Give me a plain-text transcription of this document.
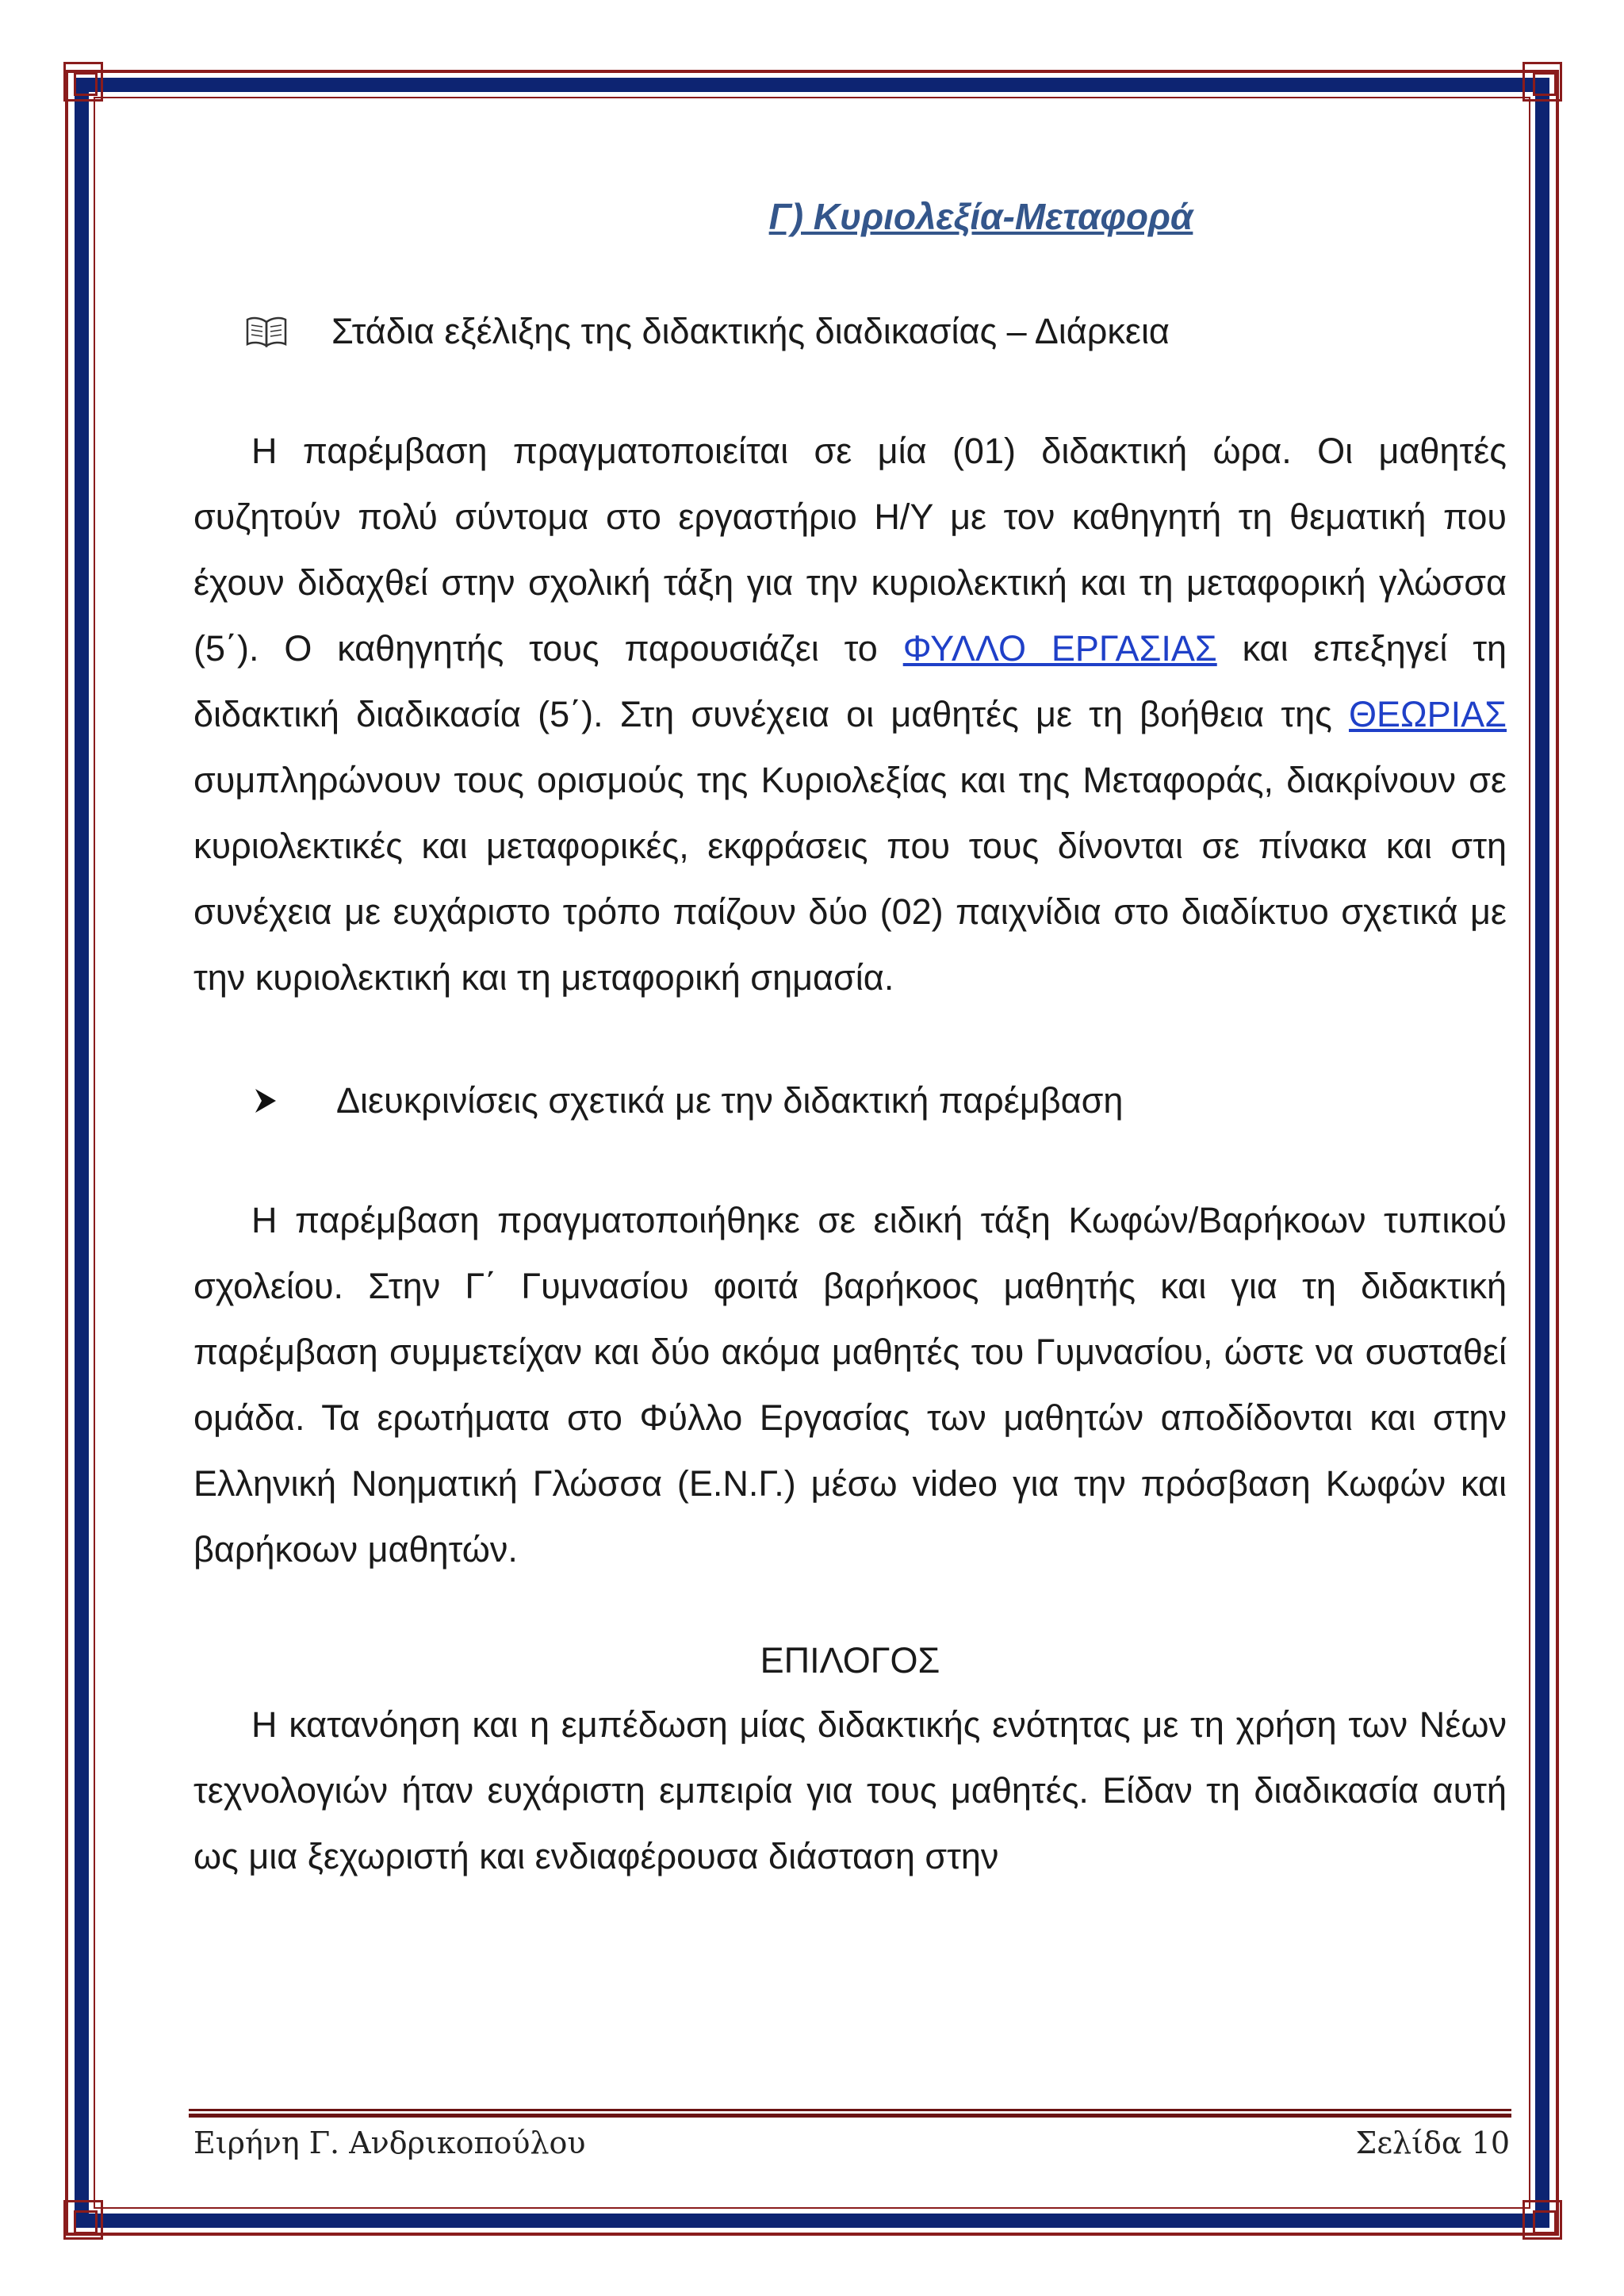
Γ) Κυριολεξία-Μεταφορά
Στάδια εξέλιξης της διδακτικής διαδικασίας – Διάρκεια

Η παρέμβαση πραγματοποιείται σε μία (01) διδακτική ώρα. Οι μαθητές συζητούν πολύ σύντομα στο εργαστήριο Η/Υ με τον καθηγητή τη θεματική που έχουν διδαχθεί στην σχολική τάξη για την κυριολεκτική και τη μεταφορική γλώσσα (5΄). Ο καθηγητής τους παρουσιάζει το ΦΥΛΛΟ ΕΡΓΑΣΙΑΣ και επεξηγεί τη διδακτική διαδικασία (5΄). Στη συνέχεια οι μαθητές με τη βοήθεια της ΘΕΩΡΙΑΣ συμπληρώνουν τους ορισμούς της Κυριολεξίας και της Μεταφοράς, διακρίνουν σε κυριολεκτικές και μεταφορικές, εκφράσεις που τους δίνονται σε πίνακα και στη συνέχεια με ευχάριστο τρόπο παίζουν δύο (02) παιχνίδια στο διαδίκτυο σχετικά με την κυριολεκτική και τη μεταφορική σημασία.

Διευκρινίσεις σχετικά με την διδακτική παρέμβαση

Η παρέμβαση πραγματοποιήθηκε σε ειδική τάξη Κωφών/Βαρήκοων τυπικού σχολείου. Στην Γ΄ Γυμνασίου φοιτά βαρήκοος μαθητής και για τη διδακτική παρέμβαση συμμετείχαν και δύο ακόμα μαθητές του Γυμνασίου, ώστε να συσταθεί ομάδα. Τα ερωτήματα στο Φύλλο Εργασίας των μαθητών αποδίδονται και στην Ελληνική Νοηματική Γλώσσα (Ε.Ν.Γ.) μέσω video για την πρόσβαση Κωφών και βαρήκοων μαθητών.

ΕΠΙΛΟΓΟΣ

Η κατανόηση και η εμπέδωση μίας διδακτικής ενότητας με τη χρήση των Νέων τεχνολογιών ήταν ευχάριστη εμπειρία για τους μαθητές. Είδαν τη διαδικασία αυτή ως μια ξεχωριστή και ενδιαφέρουσα διάσταση στην

Ειρήνη Γ. Ανδρικοπούλου	Σελίδα 10
